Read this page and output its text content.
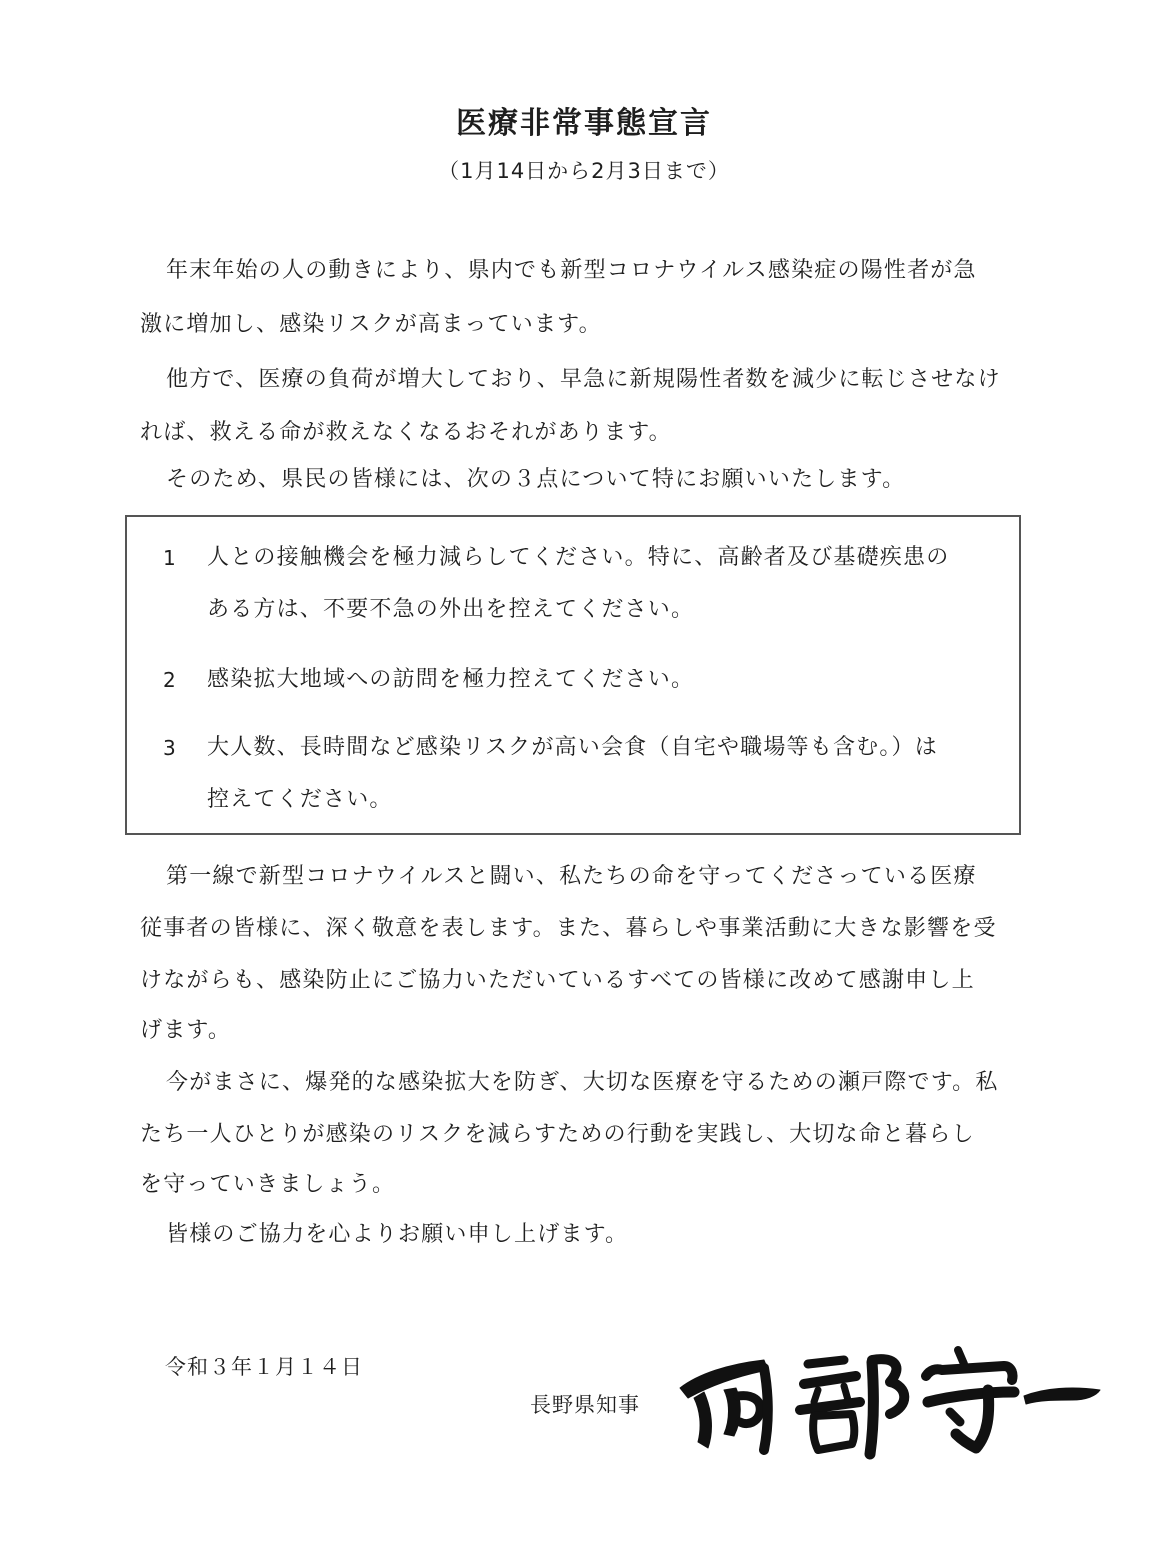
医療非常事態宣言
（1月14日から2月3日まで）
年末年始の人の動きにより、県内でも新型コロナウイルス感染症の陽性者が急
激に増加し、感染リスクが高まっています。
他方で、医療の負荷が増大しており、早急に新規陽性者数を減少に転じさせなけ
れば、救える命が救えなくなるおそれがあります。
そのため、県民の皆様には、次の３点について特にお願いいたします。
1 人との接触機会を極力減らしてください。特に、高齢者及び基礎疾患の
ある方は、不要不急の外出を控えてください。
2 感染拡大地域への訪問を極力控えてください。
3 大人数、長時間など感染リスクが高い会食（自宅や職場等も含む。）は
控えてください。
第一線で新型コロナウイルスと闘い、私たちの命を守ってくださっている医療
従事者の皆様に、深く敬意を表します。また、暮らしや事業活動に大きな影響を受
けながらも、感染防止にご協力いただいているすべての皆様に改めて感謝申し上
げます。
今がまさに、爆発的な感染拡大を防ぎ、大切な医療を守るための瀬戸際です。私
たち一人ひとりが感染のリスクを減らすための行動を実践し、大切な命と暮らし
を守っていきましょう。
皆様のご協力を心よりお願い申し上げます。
令和３年１月１４日
長野県知事
